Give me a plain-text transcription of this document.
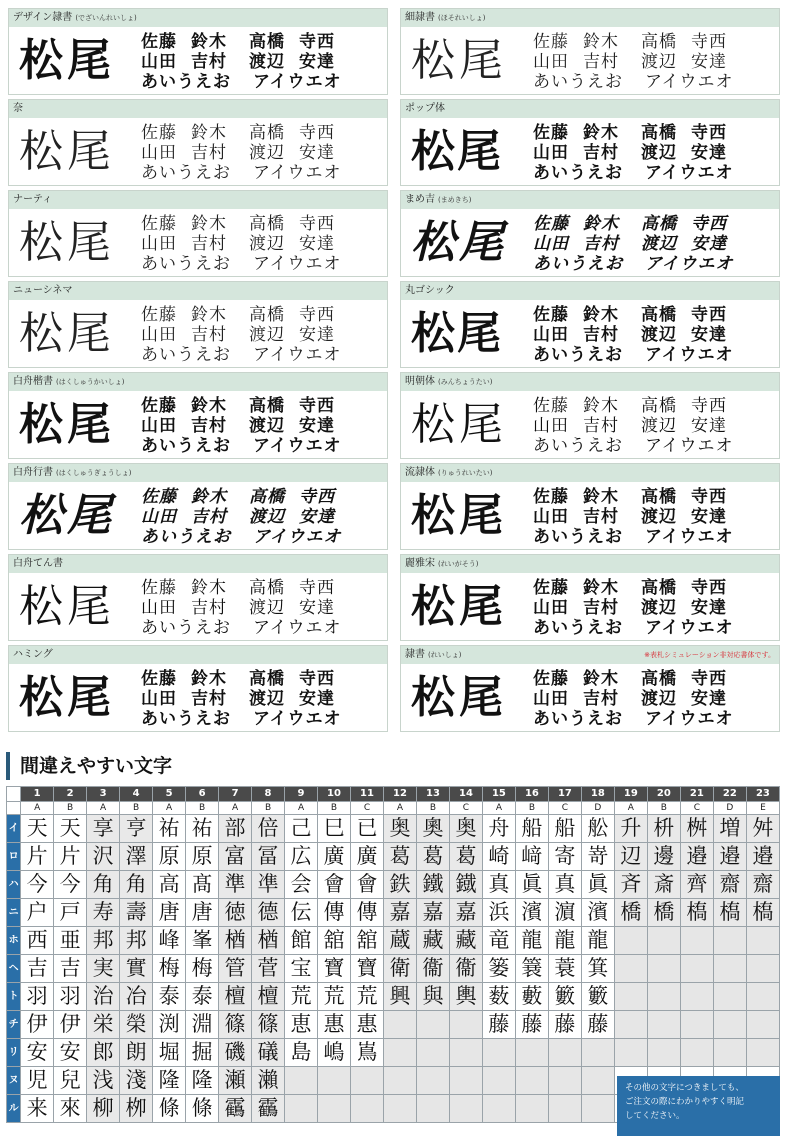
デザイン隷書 (でざいんれいしょ)
松尾 佐藤 鈴木 高橋 寺西
山田 吉村 渡辺 安達
あいうえお アイウエオ
細隷書 (ほそれいしょ)
松尾 佐藤 鈴木 高橋 寺西
山田 吉村 渡辺 安達
あいうえお アイウエオ
奈
松尾 佐藤 鈴木 高橋 寺西
山田 吉村 渡辺 安達
あいうえお アイウエオ
ポップ体
松尾 佐藤 鈴木 高橋 寺西
山田 吉村 渡辺 安達
あいうえお アイウエオ
ナーティ
松尾 佐藤 鈴木 高橋 寺西
山田 吉村 渡辺 安達
あいうえお アイウエオ
まめ吉 (まめきち)
松尾 佐藤 鈴木 高橋 寺西
山田 吉村 渡辺 安達
あいうえお アイウエオ
ニューシネマ
松尾 佐藤 鈴木 高橋 寺西
山田 吉村 渡辺 安達
あいうえお アイウエオ
丸ゴシック
松尾 佐藤 鈴木 高橋 寺西
山田 吉村 渡辺 安達
あいうえお アイウエオ
白舟楷書 (はくしゅうかいしょ)
松尾 佐藤 鈴木 高橋 寺西
山田 吉村 渡辺 安達
あいうえお アイウエオ
明朝体 (みんちょうたい)
松尾 佐藤 鈴木 高橋 寺西
山田 吉村 渡辺 安達
あいうえお アイウエオ
白舟行書 (はくしゅうぎょうしょ)
松尾 佐藤 鈴木 高橋 寺西
山田 吉村 渡辺 安達
あいうえお アイウエオ
流隷体 (りゅうれいたい)
松尾 佐藤 鈴木 高橋 寺西
山田 吉村 渡辺 安達
あいうえお アイウエオ
白舟てん書
松尾 佐藤 鈴木 高橋 寺西
山田 吉村 渡辺 安達
あいうえお アイウエオ
麗雅宋 (れいがそう)
松尾 佐藤 鈴木 高橋 寺西
山田 吉村 渡辺 安達
あいうえお アイウエオ
ハミング
松尾 佐藤 鈴木 高橋 寺西
山田 吉村 渡辺 安達
あいうえお アイウエオ
隷書 (れいしょ)	※表札シミュレーション非対応書体です。
松尾 佐藤 鈴木 高橋 寺西
山田 吉村 渡辺 安達
あいうえお アイウエオ
間違えやすい文字
	1	2	3	4	5	6	7	8	9	10	11	12	13	14	15	16	17	18	19	20	21	22	23
	A	B	A	B	A	B	A	B	A	B	C	A	B	C	A	B	C	D	A	B	C	D	E
イ	天	天	享	亨	祐	祐	部	倍	己	巳	已	奥	奧	奥	舟	船	船	舩	升	枡	桝	増	舛
ロ	片	片	沢	澤	原	原	富	冨	広	廣	廣	葛	葛	葛	崎	﨑	寄	嵜	辺	邊	邉	邉	邉
ハ	今	今	角	角	高	髙	準	凖	会	會	會	鉄	鐵	鐡	真	眞	真	眞	斉	斎	齊	齋	齋
ニ	户	戸	寿	壽	唐	唐	徳	德	伝	傳	傳	嘉	嘉	嘉	浜	濱	濵	濱	橋	橋	槗	槗	槗
ホ	西	亜	邦	邦	峰	峯	楢	楢	館	舘	舘	蔵	藏	藏	竜	龍	龍	龍					
ヘ	吉	吉	実	實	梅	梅	管	菅	宝	寶	寶	衛	衞	衞	篓	簔	蓑	箕					
ト	羽	羽	治	冶	泰	泰	檀	檀	荒	荒	荒	興	與	輿	薮	藪	籔	籔					
チ	伊	伊	栄	榮	渕	淵	篠	篠	恵	惠	惠				藤	藤	藤	藤					
リ	安	安	郎	朗	堀	掘	磯	礒	島	嶋	嶌												
ヌ	児	兒	浅	淺	隆	隆	瀬	瀨															
ル	来	來	柳	栁	條	條	靍	靏															
その他の文字につきましても、
ご注文の際にわかりやすく明記
してください。
